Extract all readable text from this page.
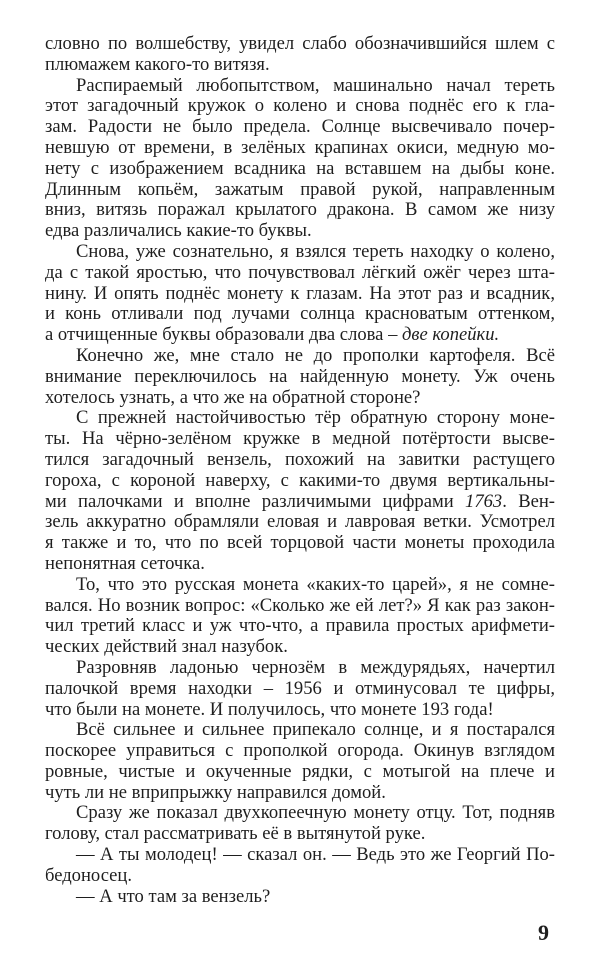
словно по волшебству, увидел слабо обозначившийся шлем с
плюмажем какого-то витязя.
Распираемый любопытством, машинально начал тереть
этот загадочный кружок о колено и снова поднёс его к гла-
зам. Радости не было предела. Солнце высвечивало почер-
невшую от времени, в зелёных крапинах окиси, медную мо-
нету с изображением всадника на вставшем на дыбы коне.
Длинным копьём, зажатым правой рукой, направленным
вниз, витязь поражал крылатого дракона. В самом же низу
едва различались какие-то буквы.
Снова, уже сознательно, я взялся тереть находку о колено,
да с такой яростью, что почувствовал лёгкий ожёг через шта-
нину. И опять поднёс монету к глазам. На этот раз и всадник,
и конь отливали под лучами солнца красноватым оттенком,
а отчищенные буквы образовали два слова – две копейки.
Конечно же, мне стало не до прополки картофеля. Всё
внимание переключилось на найденную монету. Уж очень
хотелось узнать, а что же на обратной стороне?
С прежней настойчивостью тёр обратную сторону моне-
ты. На чёрно-зелёном кружке в медной потёртости высве-
тился загадочный вензель, похожий на завитки растущего
гороха, с короной наверху, с какими-то двумя вертикальны-
ми палочками и вполне различимыми цифрами 1763. Вен-
зель аккуратно обрамляли еловая и лавровая ветки. Усмотрел
я также и то, что по всей торцовой части монеты проходила
непонятная сеточка.
То, что это русская монета «каких-то царей», я не сомне-
вался. Но возник вопрос: «Сколько же ей лет?» Я как раз закон-
чил третий класс и уж что-что, а правила простых арифмети-
ческих действий знал назубок.
Разровняв ладонью чернозём в междурядьях, начертил
палочкой время находки – 1956 и отминусовал те цифры,
что были на монете. И получилось, что монете 193 года!
Всё сильнее и сильнее припекало солнце, и я постарался
поскорее управиться с прополкой огорода. Окинув взглядом
ровные, чистые и окученные рядки, с мотыгой на плече и
чуть ли не вприпрыжку направился домой.
Сразу же показал двухкопеечную монету отцу. Тот, подняв
голову, стал рассматривать её в вытянутой руке.
— А ты молодец! — сказал он. — Ведь это же Георгий По-
бедоносец.
— А что там за вензель?
9
